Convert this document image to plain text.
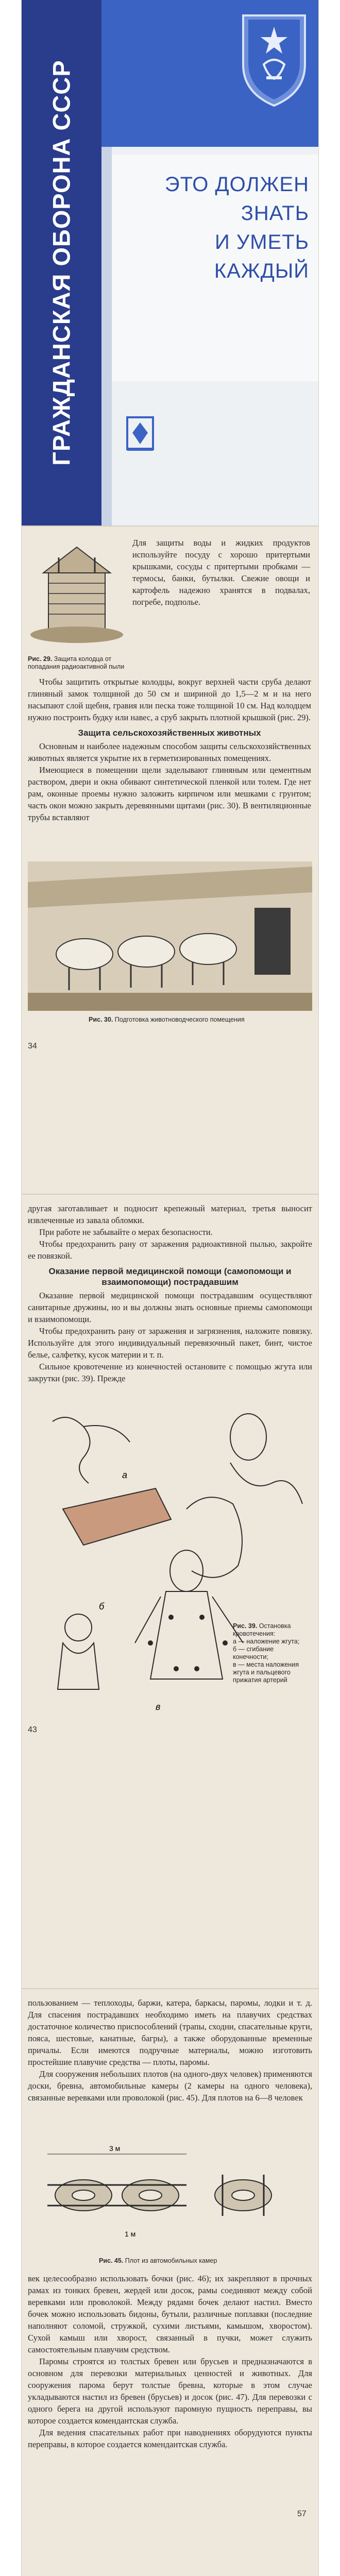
ГРАЖДАНСКАЯ ОБОРОНА СССР	ЭТО ДОЛЖЕН
ЗНАТЬ
И УМЕТЬ
КАЖДЫЙ
Рис. 29. Защита колодца от попадания радиоактивной пыли

Для защиты воды и жидких продуктов используйте посуду с хорошо притертыми крышками, сосуды с притертыми пробками — термосы, банки, бутылки. Свежие овощи и картофель надежно хранятся в подвалах, погребе, подполье.

Чтобы защитить открытые колодцы, вокруг верхней части сруба делают глиняный замок толщиной до 50 см и шириной до 1,5—2 м и на него насыпают слой щебня, гравия или песка тоже толщиной 10 см. Над колодцем нужно построить будку или навес, а сруб закрыть плотной крышкой (рис. 29).

Защита сельскохозяйственных животных

Основным и наиболее надежным способом защиты сельскохозяйственных животных является укрытие их в герметизированных помещениях.

Имеющиеся в помещении щели заделывают глиняным или цементным раствором, двери и окна обивают синтетической пленкой или толем. Где нет рам, оконные проемы нужно заложить кирпичом или мешками с грунтом; часть окон можно закрыть деревянными щитами (рис. 30). В вентиляционные трубы вставляют

Рис. 30. Подготовка животноводческого помещения
34

другая заготавливает и подносит крепежный материал, третья выносит извлеченные из завала обломки.

При работе не забывайте о мерах безопасности.

Чтобы предохранить рану от заражения радиоактивной пылью, закройте ее повязкой.

Оказание первой медицинской помощи (самопомощи и взаимопомощи) пострадавшим

Оказание первой медицинской помощи пострадавшим осуществляют санитарные дружины, но и вы должны знать основные приемы самопомощи и взаимопомощи.

Чтобы предохранить рану от заражения и загрязнения, наложите повязку. Используйте для этого индивидуальный перевязочный пакет, бинт, чистое белье, салфетку, кусок материи и т. п.

Сильное кровотечение из конечностей остановите с помощью жгута или закрутки (рис. 39). Прежде

а
б
в
Рис. 39. Остановка кровотечения:
а — наложение жгута;
б — сгибание конечности;
в — места наложения жгута и пальцевого прижатия артерий
43

пользованием — теплоходы, баржи, катера, баркасы, паромы, лодки и т. д. Для спасения пострадавших необходимо иметь на плавучих средствах достаточное количество приспособлений (трапы, сходни, спасательные круги, пояса, шестовые, канатные, багры), а также оборудованные временные причалы. Если имеются подручные материалы, можно изготовить простейшие плавучие средства — плоты, паромы.

Для сооружения небольших плотов (на одного-двух человек) применяются доски, бревна, автомобильные камеры (2 камеры на одного человека), связанные веревками или проволокой (рис. 45). Для плотов на 6—8 человек

3 м
1 м
Рис. 45. Плот из автомобильных камер

век целесообразно использовать бочки (рис. 46); их закрепляют в прочных рамах из тонких бревен, жердей или досок, рамы соединяют между собой веревками или проволокой. Между рядами бочек делают настил. Вместо бочек можно использовать бидоны, бутыли, различные поплавки (последние наполняют соломой, стружкой, сухими листьями, камышом, хворостом). Сухой камыш или хворост, связанный в пучки, может служить самостоятельным плавучим средством.

Паромы строятся из толстых бревен или брусьев и предназначаются в основном для перевозки материальных ценностей и животных. Для сооружения парома берут толстые бревна, которые в этом случае укладываются настил из бревен (брусьев) и досок (рис. 47). Для перевозки с одного берега на другой используют паромную пущность переправы, вы которое создается комендантская служба.

Для ведения спасательных работ при наводнениях оборудуются пункты переправы, в которое создается комендантская служба.

57
